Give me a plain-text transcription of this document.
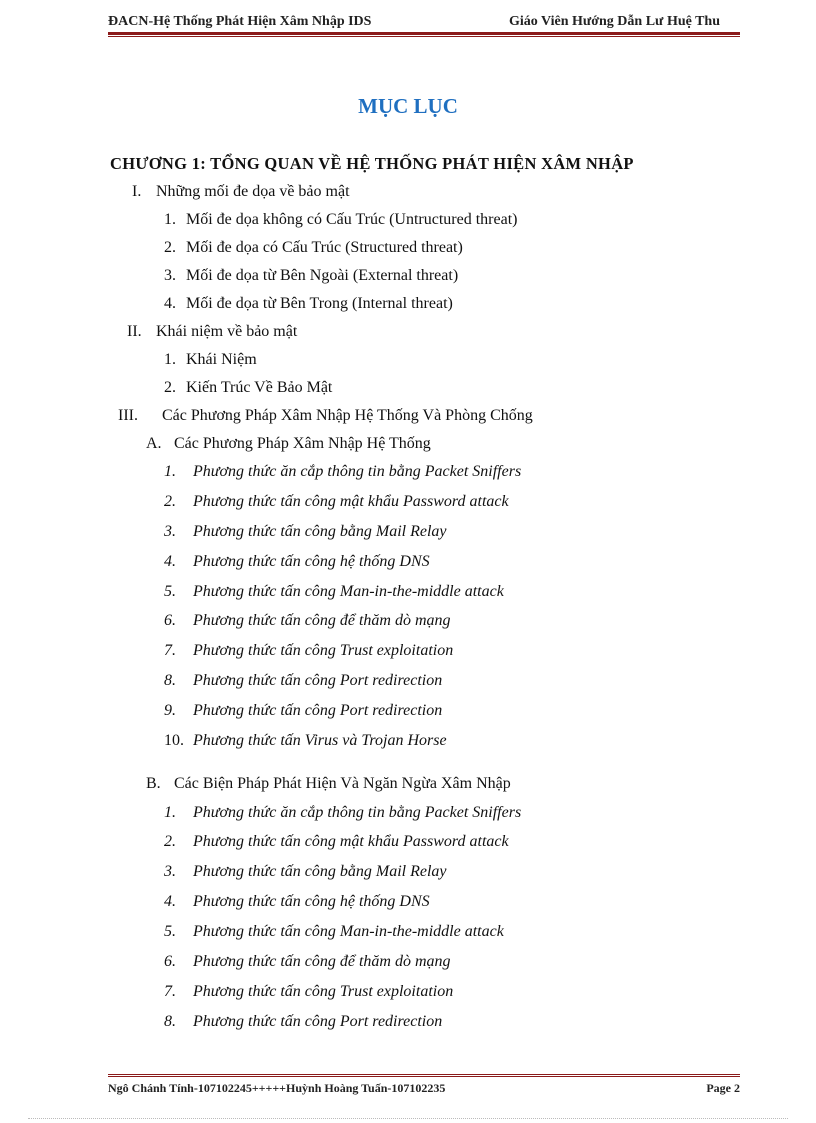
ĐACN-Hệ Thống Phát Hiện Xâm Nhập IDS	Giáo Viên Hướng Dẫn Lư Huệ Thu
MỤC LỤC
CHƯƠNG 1: TỔNG QUAN VỀ HỆ THỐNG PHÁT HIỆN XÂM NHẬP
I. Những mối đe dọa về bảo mật
1. Mối đe dọa không có Cấu Trúc (Untructured threat)
2. Mối đe dọa có Cấu Trúc (Structured threat)
3. Mối đe dọa từ Bên Ngoài (External threat)
4. Mối đe dọa từ Bên Trong (Internal threat)
II. Khái niệm về bảo mật
1. Khái Niệm
2. Kiến Trúc Về Bảo Mật
III. Các Phương Pháp Xâm Nhập Hệ Thống Và Phòng Chống
A. Các Phương Pháp Xâm Nhập Hệ Thống
1. Phương thức ăn cắp thông tin bằng Packet Sniffers
2. Phương thức tấn công mật khẩu Password attack
3. Phương thức tấn công bằng Mail Relay
4. Phương thức tấn công hệ thống DNS
5. Phương thức tấn công Man-in-the-middle attack
6. Phương thức tấn công để thăm dò mạng
7. Phương thức tấn công Trust exploitation
8. Phương thức tấn công Port redirection
9. Phương thức tấn công Port redirection
10. Phương thức tấn Virus và Trojan Horse
B. Các Biện Pháp Phát Hiện Và Ngăn Ngừa Xâm Nhập
1. Phương thức ăn cắp thông tin bằng Packet Sniffers
2. Phương thức tấn công mật khẩu Password attack
3. Phương thức tấn công bằng Mail Relay
4. Phương thức tấn công hệ thống DNS
5. Phương thức tấn công Man-in-the-middle attack
6. Phương thức tấn công để thăm dò mạng
7. Phương thức tấn công Trust exploitation
8. Phương thức tấn công Port redirection
Ngô Chánh Tính-107102245+++++Huỳnh Hoàng Tuấn-107102235	Page 2
